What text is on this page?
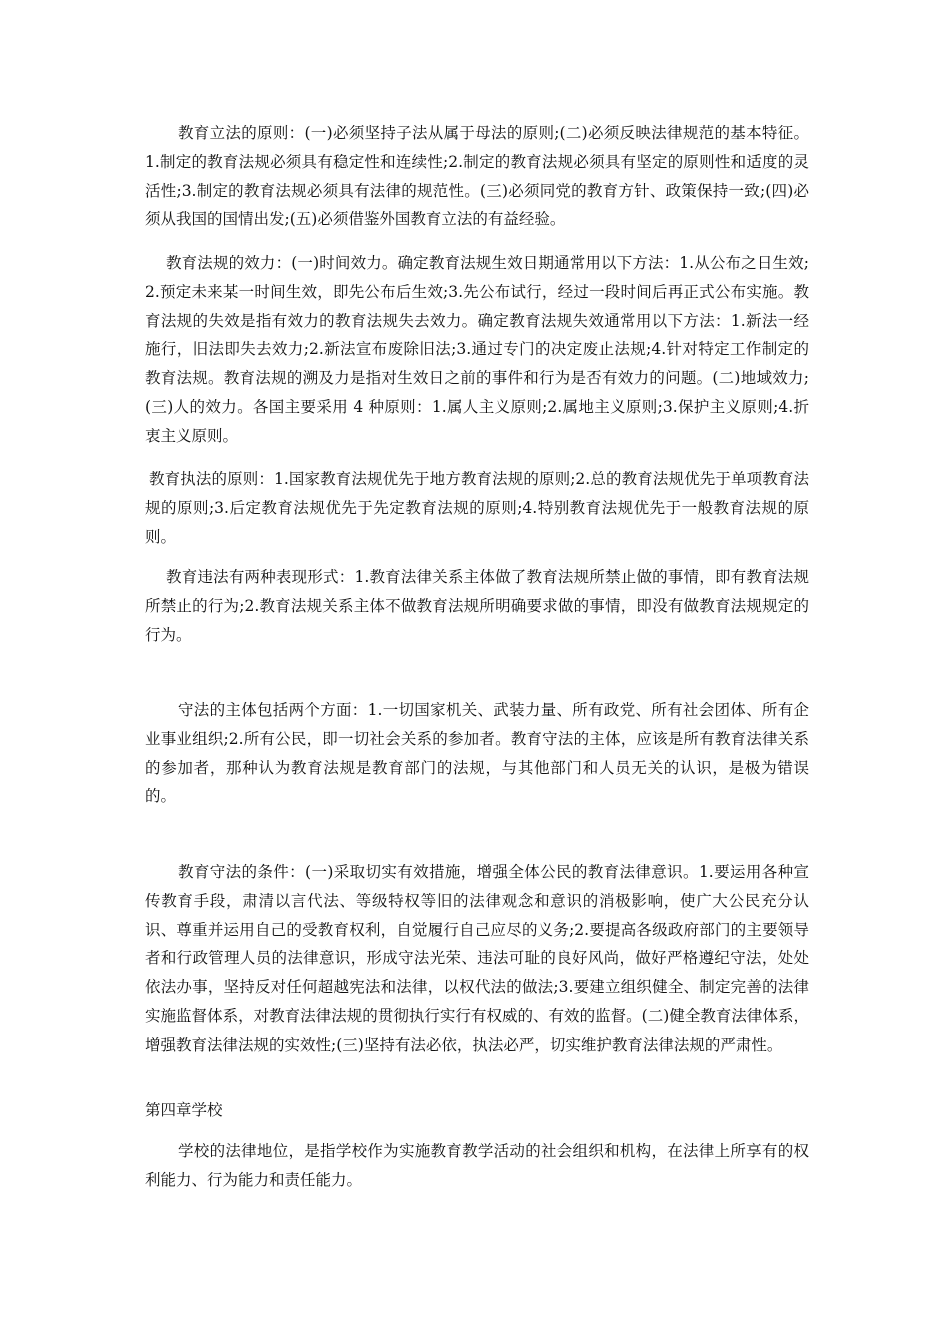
教育立法的原则：(一)必须坚持子法从属于母法的原则;(二)必须反映法律规范的基本特征。1.制定的教育法规必须具有稳定性和连续性;2.制定的教育法规必须具有坚定的原则性和适度的灵活性;3.制定的教育法规必须具有法律的规范性。(三)必须同党的教育方针、政策保持一致;(四)必须从我国的国情出发;(五)必须借鉴外国教育立法的有益经验。

教育法规的效力：(一)时间效力。确定教育法规生效日期通常用以下方法：1.从公布之日生效;2.预定未来某一时间生效，即先公布后生效;3.先公布试行，经过一段时间后再正式公布实施。教育法规的失效是指有效力的教育法规失去效力。确定教育法规失效通常用以下方法：1.新法一经施行，旧法即失去效力;2.新法宣布废除旧法;3.通过专门的决定废止法规;4.针对特定工作制定的教育法规。教育法规的溯及力是指对生效日之前的事件和行为是否有效力的问题。(二)地域效力;(三)人的效力。各国主要采用 4 种原则：1.属人主义原则;2.属地主义原则;3.保护主义原则;4.折衷主义原则。

教育执法的原则：1.国家教育法规优先于地方教育法规的原则;2.总的教育法规优先于单项教育法规的原则;3.后定教育法规优先于先定教育法规的原则;4.特别教育法规优先于一般教育法规的原则。

教育违法有两种表现形式：1.教育法律关系主体做了教育法规所禁止做的事情，即有教育法规所禁止的行为;2.教育法规关系主体不做教育法规所明确要求做的事情，即没有做教育法规规定的行为。

守法的主体包括两个方面：1.一切国家机关、武装力量、所有政党、所有社会团体、所有企业事业组织;2.所有公民，即一切社会关系的参加者。教育守法的主体，应该是所有教育法律关系的参加者，那种认为教育法规是教育部门的法规，与其他部门和人员无关的认识，是极为错误的。

教育守法的条件：(一)采取切实有效措施，增强全体公民的教育法律意识。1.要运用各种宣传教育手段，肃清以言代法、等级特权等旧的法律观念和意识的消极影响，使广大公民充分认识、尊重并运用自己的受教育权利，自觉履行自己应尽的义务;2.要提高各级政府部门的主要领导者和行政管理人员的法律意识，形成守法光荣、违法可耻的良好风尚，做好严格遵纪守法，处处依法办事，坚持反对任何超越宪法和法律，以权代法的做法;3.要建立组织健全、制定完善的法律实施监督体系，对教育法律法规的贯彻执行实行有权威的、有效的监督。(二)健全教育法律体系，增强教育法律法规的实效性;(三)坚持有法必依，执法必严，切实维护教育法律法规的严肃性。

第四章学校

学校的法律地位，是指学校作为实施教育教学活动的社会组织和机构，在法律上所享有的权利能力、行为能力和责任能力。
